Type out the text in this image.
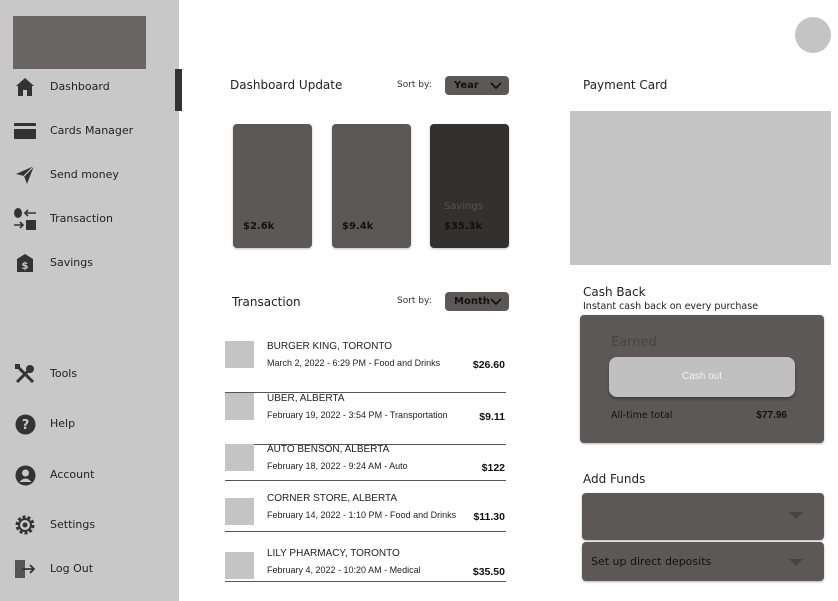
Dashboard
Cards Manager
Send money
Transaction
$ Savings
Tools
? Help
Account
Settings
Log Out
Dashboard Update	Sort by:	Year
$2.6k	$9.4k
Savings
$35.3k
Transaction	Sort by:	Month
BURGER KING, TORONTO
March 2, 2022 - 6:29 PM - Food and Drinks	$26.60
UBER, ALBERTA
February 19, 2022 - 3:54 PM - Transportation	$9.11
AUTO BENSON, ALBERTA
February 18, 2022 - 9:24 AM - Auto	$122
CORNER STORE, ALBERTA
February 14, 2022 - 1:10 PM - Food and Drinks $11.30
LILY PHARMACY, TORONTO
February 4, 2022 - 10:20 AM - Medical	$35.50
Payment Card
Cash Back
Instant cash back on every purchase
Earned
Cash out
All-time total	$77.96
Add Funds
Set up direct deposits
